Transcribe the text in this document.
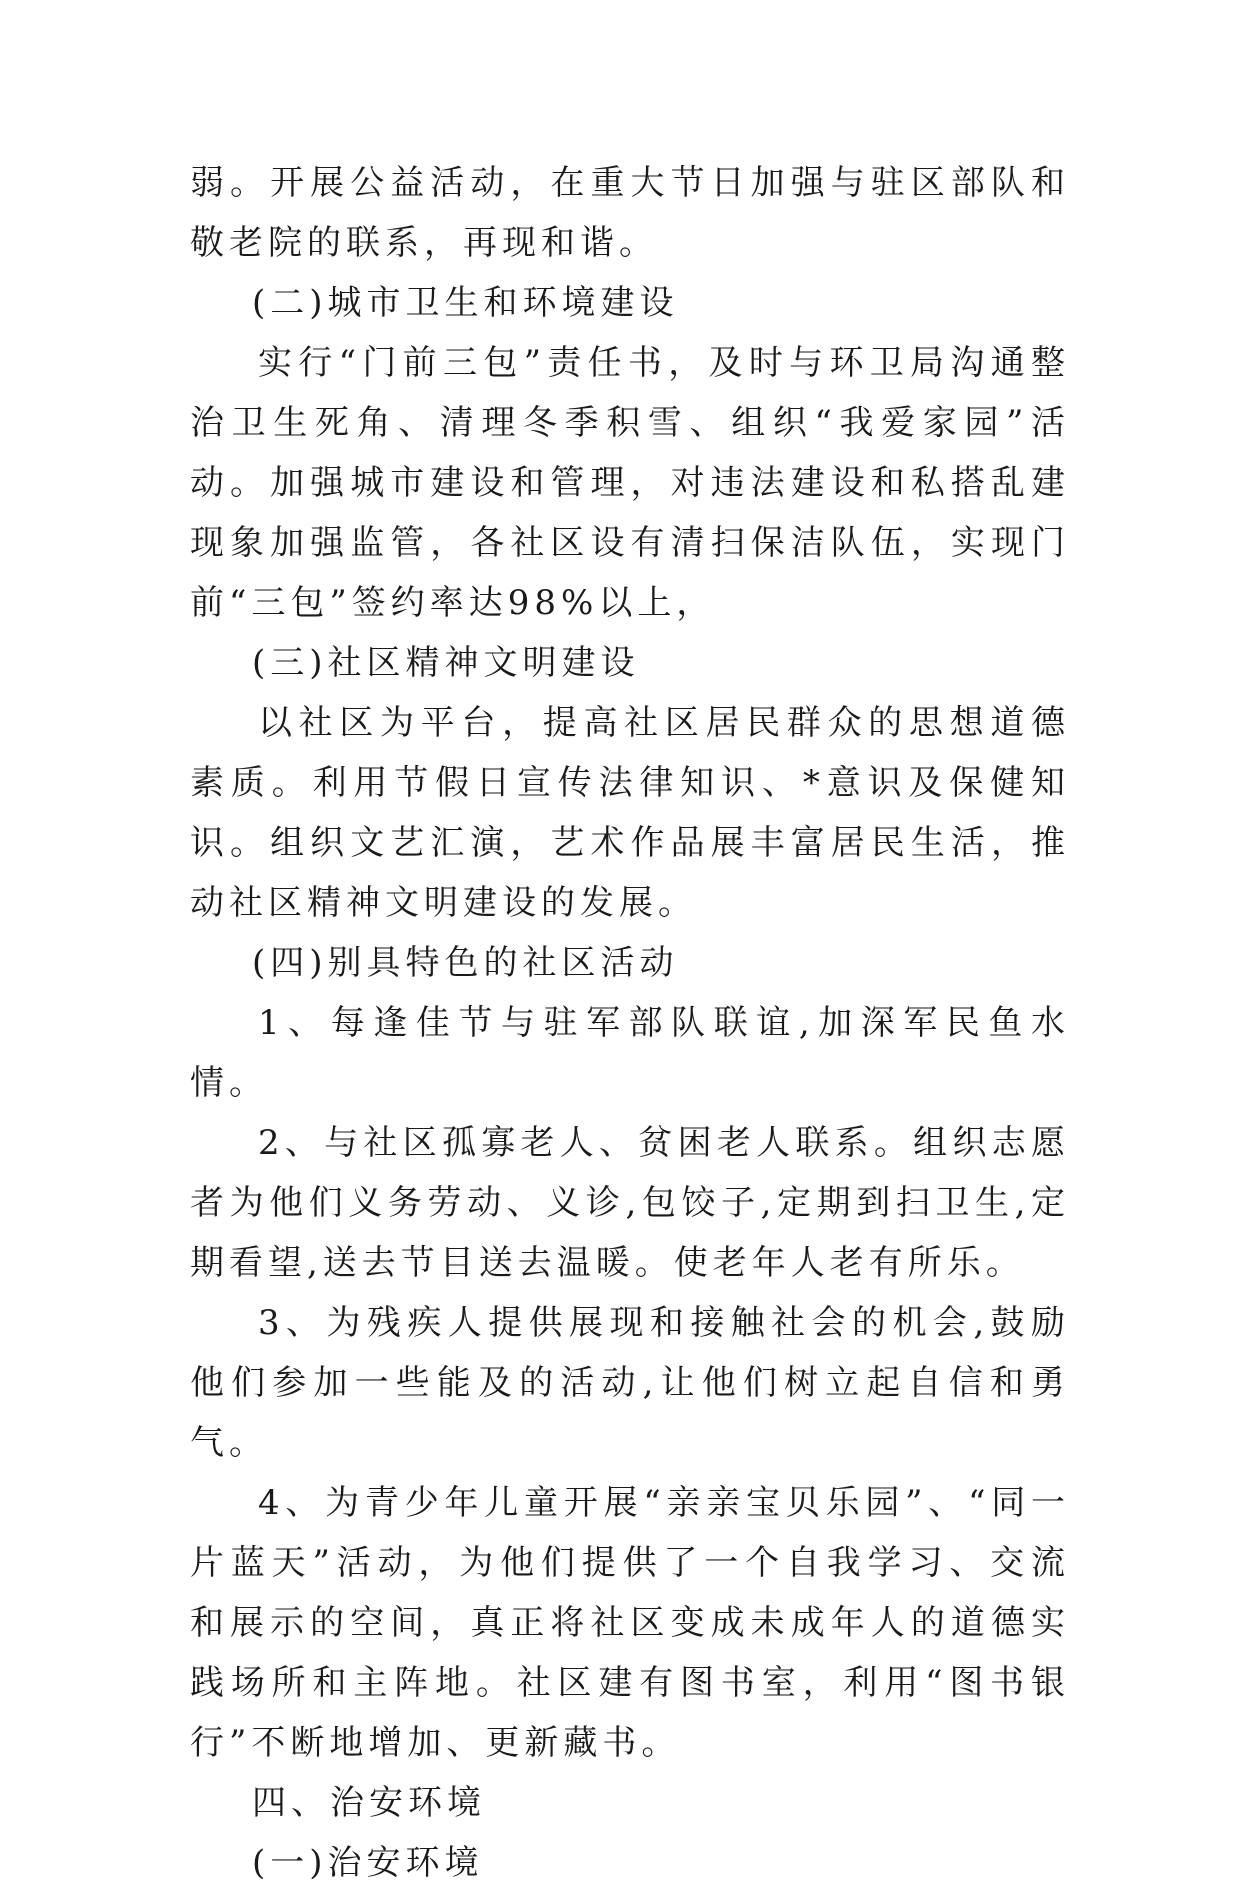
弱。开展公益活动，在重大节日加强与驻区部队和敬老院的联系，再现和谐。

(二)城市卫生和环境建设

实行“门前三包”责任书，及时与环卫局沟通整治卫生死角、清理冬季积雪、组织“我爱家园”活动。加强城市建设和管理，对违法建设和私搭乱建现象加强监管，各社区设有清扫保洁队伍，实现门前“三包”签约率达98%以上，

(三)社区精神文明建设

以社区为平台，提高社区居民群众的思想道德素质。利用节假日宣传法律知识、*意识及保健知识。组织文艺汇演，艺术作品展丰富居民生活，推动社区精神文明建设的发展。

(四)别具特色的社区活动

1、每逢佳节与驻军部队联谊,加深军民鱼水情。

2、与社区孤寡老人、贫困老人联系。组织志愿者为他们义务劳动、义诊,包饺子,定期到扫卫生,定期看望,送去节目送去温暖。使老年人老有所乐。

3、为残疾人提供展现和接触社会的机会,鼓励他们参加一些能及的活动,让他们树立起自信和勇气。

4、为青少年儿童开展“亲亲宝贝乐园”、“同一片蓝天”活动，为他们提供了一个自我学习、交流和展示的空间，真正将社区变成未成年人的道德实践场所和主阵地。社区建有图书室，利用“图书银行”不断地增加、更新藏书。

四、治安环境

(一)治安环境
